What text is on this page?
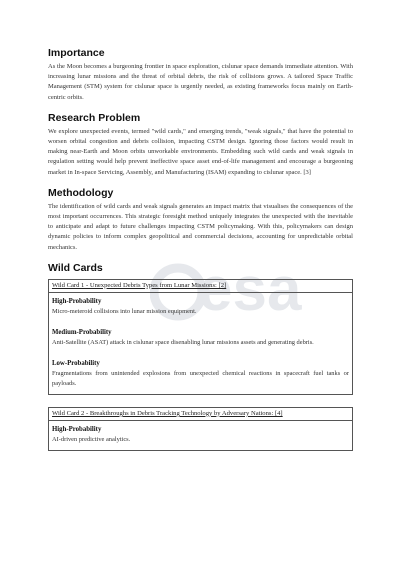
esa
Importance

As the Moon becomes a burgeoning frontier in space exploration, cislunar space demands immediate attention. With increasing lunar missions and the threat of orbital debris, the risk of collisions grows. A tailored Space Traffic Management (STM) system for cislunar space is urgently needed, as existing frameworks focus mainly on Earth-centric orbits.

Research Problem

We explore unexpected events, termed "wild cards," and emerging trends, "weak signals," that have the potential to worsen orbital congestion and debris collision, impacting CSTM design. Ignoring those factors would result in making near-Earth and Moon orbits unworkable environments. Embedding such wild cards and weak signals in regulation setting would help prevent ineffective space asset end-of-life management and encourage a burgeoning market in In-space Servicing, Assembly, and Manufacturing (ISAM) expanding to cislunar space. [3]

Methodology

The identification of wild cards and weak signals generates an impact matrix that visualises the consequences of the most important occurrences. This strategic foresight method uniquely integrates the unexpected with the inevitable to anticipate and adapt to future challenges impacting CSTM policymaking. With this, policymakers can design dynamic policies to inform complex geopolitical and commercial decisions, accounting for unpredictable orbital mechanics.

Wild Cards
Wild Card 1 - Unexpected Debris Types from Lunar Missions: [2]
High-Probability

Micro-meteroid collisions into lunar mission equipment.

Medium-Probability

Anti-Satellite (ASAT) attack in cislunar space disenabling lunar missions assets and generating debris.

Low-Probability

Fragmentations from unintended explosions from unexpected chemical reactions in spacecraft fuel tanks or payloads.

Wild Card 2 - Breakthroughs in Debris Tracking Technology by Adversary Nations: [4]
High-Probability

AI-driven predictive analytics.
